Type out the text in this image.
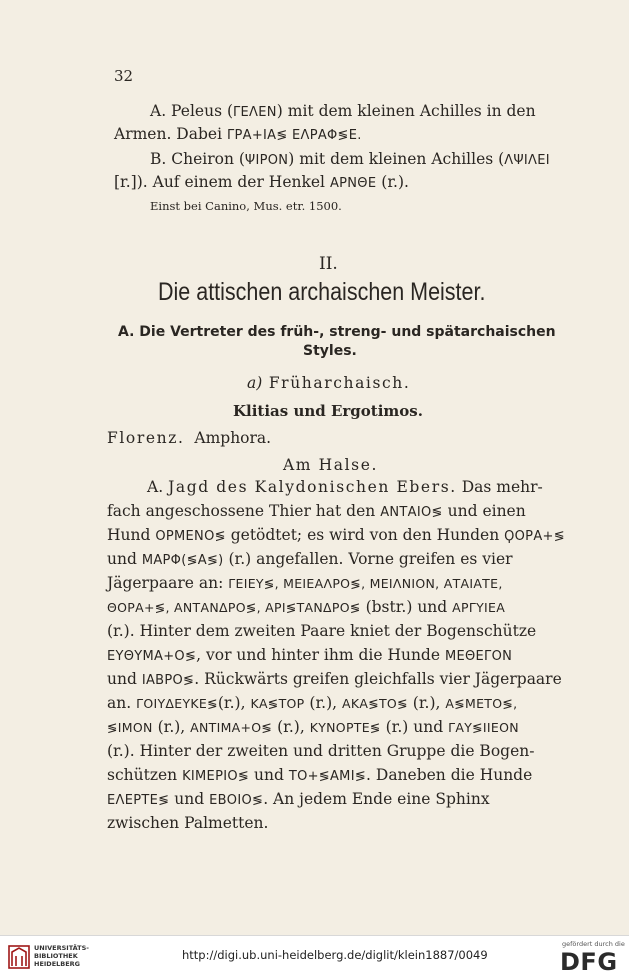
32
A. Peleus (ΓΕΛΕΝ) mit dem kleinen Achilles in den
Armen. Dabei ΓΡΑ+ΙΑ≶ ΕΛΡΑΦ≶Ε.
B. Cheiron (ΨΙΡΟΝ) mit dem kleinen Achilles (ΛΨΙΛΕΙ
[r.]). Auf einem der Henkel ΑΡΝΘΕ (r.).
Einst bei Canino, Mus. etr. 1500.
II.
Die attischen archaischen Meister.
A. Die Vertreter des früh-, streng- und spätarchaischen
Styles.
a) Früharchaisch.
Klitias und Ergotimos.
Florenz. Amphora.
Am Halse.
A. Jagd des Kalydonischen Ebers. Das mehr-
fach angeschossene Thier hat den ΑΝΤΑΙΟ≶ und einen
Hund ΟΡΜΕΝΟ≶ getödtet; es wird von den Hunden ϘΟΡΑ+≶
und ΜΑΡΦ(≶Α≶) (r.) angefallen. Vorne greifen es vier
Jägerpaare an: ΓΕΙΕΥ≶, ΜΕΙΕΑΛΡΟ≶, ΜΕΙΛΝΙΟΝ, ΑΤΑΙΑΤΕ,
ΘΟΡΑ+≶, ΑΝΤΑΝΔΡΟ≶, ΑΡΙ≶ΤΑΝΔΡΟ≶ (bstr.) und ΑΡΓΥΙΕΑ
(r.). Hinter dem zweiten Paare kniet der Bogenschütze
ΕΥΘΥΜΑ+Ο≶, vor und hinter ihm die Hunde ΜΕΘΕΓΟΝ
und ΙΑΒΡΟ≶. Rückwärts greifen gleichfalls vier Jägerpaare
an. ΓΟΙΥΔΕΥΚΕ≶(r.), ΚΑ≶ΤΟΡ (r.), ΑΚΑ≶ΤΟ≶ (r.), Α≶ΜΕΤΟ≶,
≶ΙΜΟΝ (r.), ΑΝΤΙΜΑ+Ο≶ (r.), ΚΥΝΟΡΤΕ≶ (r.) und ΓΑΥ≶ΙΙΕΟΝ
(r.). Hinter der zweiten und dritten Gruppe die Bogen-
schützen ΚΙΜΕΡΙΟ≶ und ΤΟ+≶ΑΜΙ≶. Daneben die Hunde
ΕΛΕΡΤΕ≶ und ΕΒΟΙΟ≶. An jedem Ende eine Sphinx
zwischen Palmetten.
UNIVERSITÄTS-
BIBLIOTHEK
HEIDELBERG
http://digi.ub.uni-heidelberg.de/diglit/klein1887/0049
gefördert durch die
DFG
